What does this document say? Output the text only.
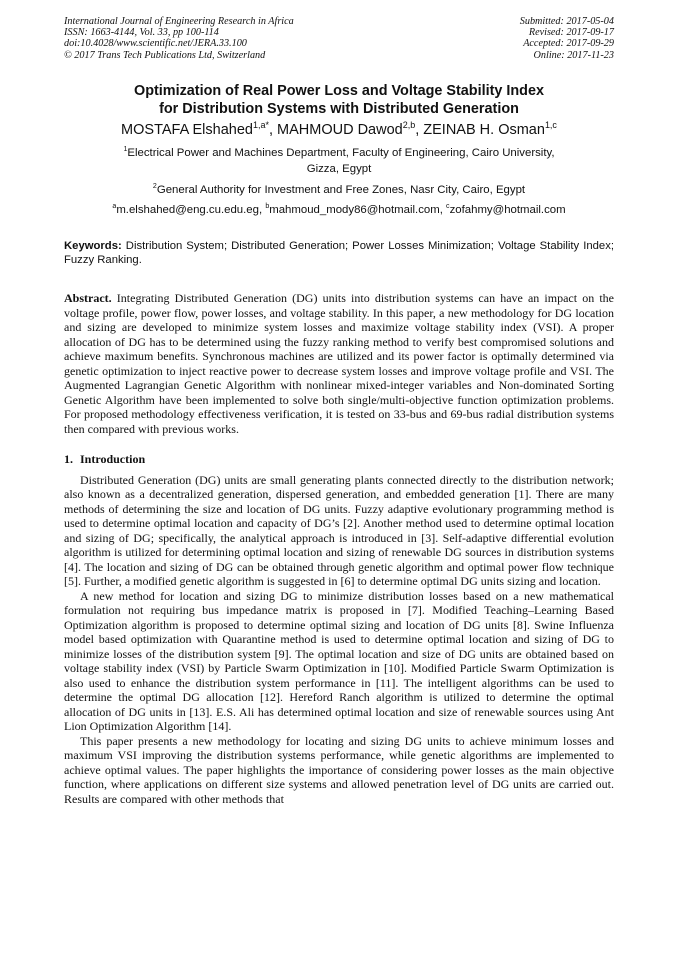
International Journal of Engineering Research in Africa
ISSN: 1663-4144, Vol. 33, pp 100-114
doi:10.4028/www.scientific.net/JERA.33.100
© 2017 Trans Tech Publications Ltd, Switzerland
Submitted: 2017-05-04
Revised: 2017-09-17
Accepted: 2017-09-29
Online: 2017-11-23
Optimization of Real Power Loss and Voltage Stability Index
for Distribution Systems with Distributed Generation
MOSTAFA Elshahed$^{1,a*}$, MAHMOUD Dawod$^{2,b}$, ZEINAB H. Osman$^{1,c}$
$^1$Electrical Power and Machines Department, Faculty of Engineering, Cairo University,
Gizza, Egypt
$^2$General Authority for Investment and Free Zones, Nasr City, Cairo, Egypt
$^a$m.elshahed@eng.cu.edu.eg, $^b$mahmoud_mody86@hotmail.com, $^c$zofahmy@hotmail.com
Keywords: Distribution System; Distributed Generation; Power Losses Minimization; Voltage Stability Index; Fuzzy Ranking.
Abstract. Integrating Distributed Generation (DG) units into distribution systems can have an impact on the voltage profile, power flow, power losses, and voltage stability. In this paper, a new methodology for DG location and sizing are developed to minimize system losses and maximize voltage stability index (VSI). A proper allocation of DG has to be determined using the fuzzy ranking method to verify best compromised solutions and achieve maximum benefits. Synchronous machines are utilized and its power factor is optimally determined via genetic optimization to inject reactive power to decrease system losses and improve voltage profile and VSI. The Augmented Lagrangian Genetic Algorithm with nonlinear mixed-integer variables and Non-dominated Sorting Genetic Algorithm have been implemented to solve both single/multi-objective function optimization problems. For proposed methodology effectiveness verification, it is tested on 33-bus and 69-bus radial distribution systems then compared with previous works.
1. Introduction

Distributed Generation (DG) units are small generating plants connected directly to the distribution network; also known as a decentralized generation, dispersed generation, and embedded generation [1]. There are many methods of determining the size and location of DG units. Fuzzy adaptive evolutionary programming method is used to determine optimal location and capacity of DG’s [2]. Another method used to determine optimal location and sizing of DG; specifically, the analytical approach is introduced in [3]. Self-adaptive differential evolution algorithm is utilized for determining optimal location and sizing of renewable DG sources in distribution systems [4]. The location and sizing of DG can be obtained through genetic algorithm and optimal power flow technique [5]. Further, a modified genetic algorithm is suggested in [6] to determine optimal DG units sizing and location.

A new method for location and sizing DG to minimize distribution losses based on a new mathematical formulation not requiring bus impedance matrix is proposed in [7]. Modified Teaching–Learning Based Optimization algorithm is proposed to determine optimal sizing and location of DG units [8]. Swine Influenza model based optimization with Quarantine method is used to determine optimal location and sizing of DG to minimize losses of the distribution system [9]. The optimal location and size of DG units are obtained based on voltage stability index (VSI) by Particle Swarm Optimization in [10]. Modified Particle Swarm Optimization is also used to enhance the distribution system performance in [11]. The intelligent algorithms can be used to determine the optimal DG allocation [12]. Hereford Ranch algorithm is utilized to determine the optimal allocation of DG units in [13]. E.S. Ali has determined optimal location and size of renewable sources using Ant Lion Optimization Algorithm [14].

This paper presents a new methodology for locating and sizing DG units to achieve minimum losses and maximum VSI improving the distribution systems performance, while genetic algorithms are implemented to achieve optimal values. The paper highlights the importance of considering power losses as the main objective function, where applications on different size systems and allowed penetration level of DG units are carried out. Results are compared with other methods that
